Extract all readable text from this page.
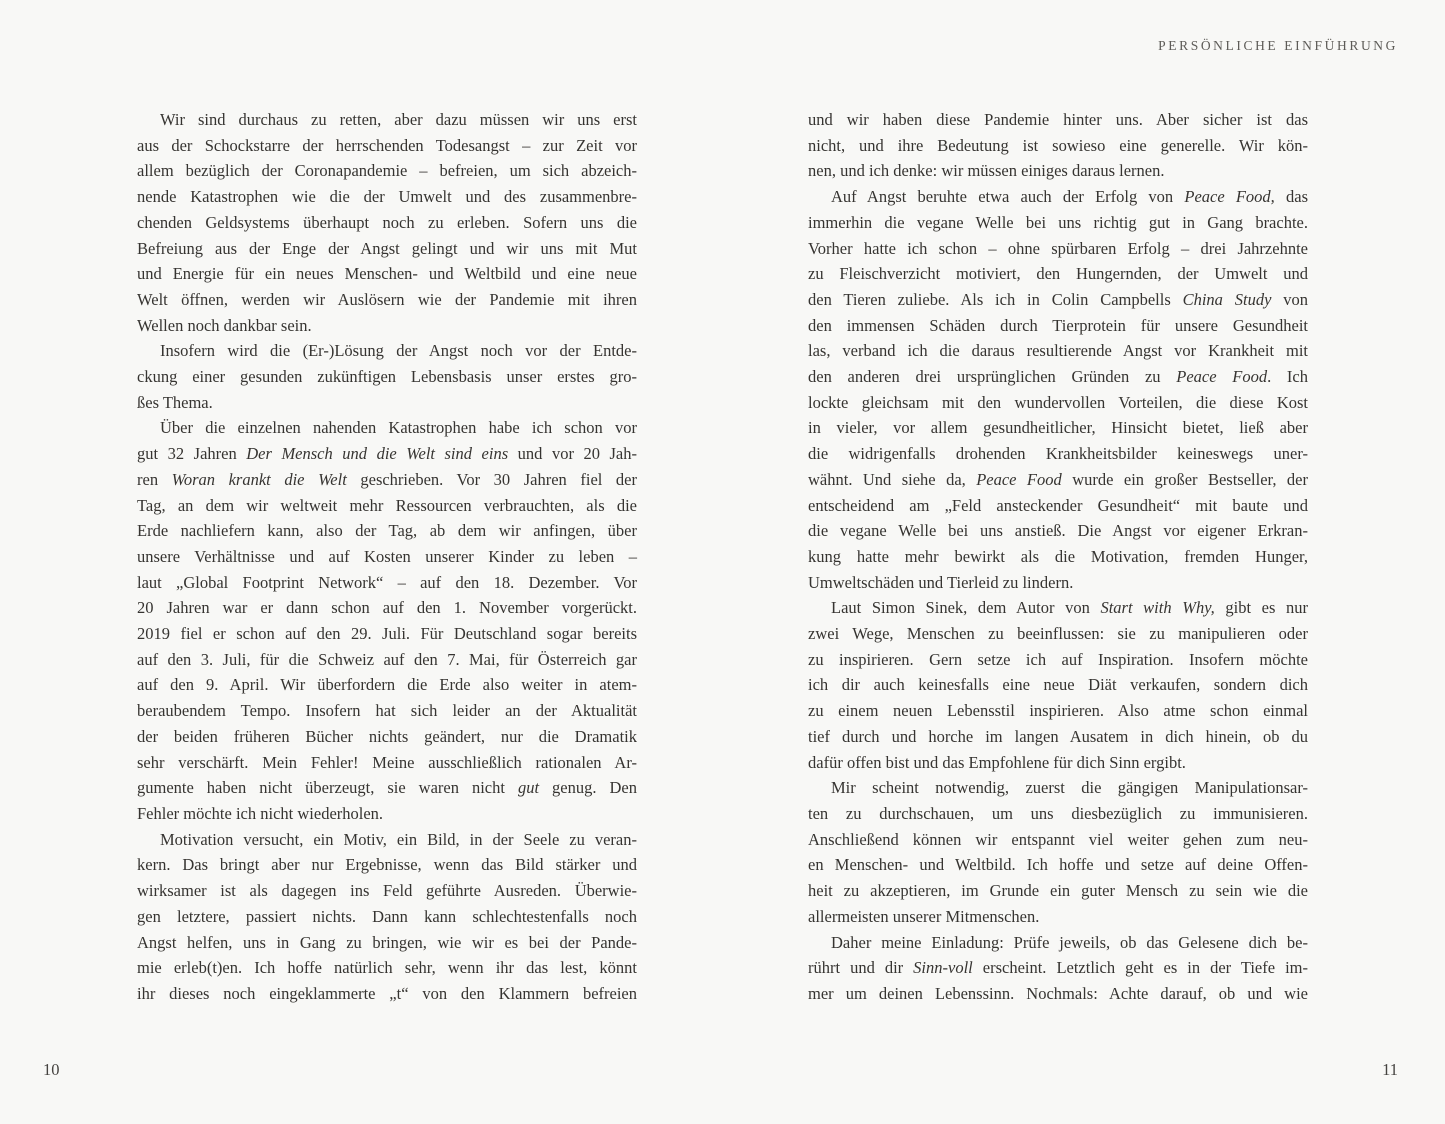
PERSÖNLICHE EINFÜHRUNG
Wir sind durchaus zu retten, aber dazu müssen wir uns erst
aus der Schockstarre der herrschenden Todesangst – zur Zeit vor
allem bezüglich der Coronapandemie – befreien, um sich abzeich-
nende Katastrophen wie die der Umwelt und des zusammenbre-
chenden Geldsystems überhaupt noch zu erleben. Sofern uns die
Befreiung aus der Enge der Angst gelingt und wir uns mit Mut
und Energie für ein neues Menschen- und Weltbild und eine neue
Welt öffnen, werden wir Auslösern wie der Pandemie mit ihren
Wellen noch dankbar sein.
Insofern wird die (Er-)Lösung der Angst noch vor der Entde-
ckung einer gesunden zukünftigen Lebensbasis unser erstes gro-
ßes Thema.
Über die einzelnen nahenden Katastrophen habe ich schon vor
gut 32 Jahren Der Mensch und die Welt sind eins und vor 20 Jah-
ren Woran krankt die Welt geschrieben. Vor 30 Jahren fiel der
Tag, an dem wir weltweit mehr Ressourcen verbrauchten, als die
Erde nachliefern kann, also der Tag, ab dem wir anfingen, über
unsere Verhältnisse und auf Kosten unserer Kinder zu leben –
laut „Global Footprint Network“ – auf den 18. Dezember. Vor
20 Jahren war er dann schon auf den 1. November vorgerückt.
2019 fiel er schon auf den 29. Juli. Für Deutschland sogar bereits
auf den 3. Juli, für die Schweiz auf den 7. Mai, für Österreich gar
auf den 9. April. Wir überfordern die Erde also weiter in atem-
beraubendem Tempo. Insofern hat sich leider an der Aktualität
der beiden früheren Bücher nichts geändert, nur die Dramatik
sehr verschärft. Mein Fehler! Meine ausschließlich rationalen Ar-
gumente haben nicht überzeugt, sie waren nicht gut genug. Den
Fehler möchte ich nicht wiederholen.
Motivation versucht, ein Motiv, ein Bild, in der Seele zu veran-
kern. Das bringt aber nur Ergebnisse, wenn das Bild stärker und
wirksamer ist als dagegen ins Feld geführte Ausreden. Überwie-
gen letztere, passiert nichts. Dann kann schlechtestenfalls noch
Angst helfen, uns in Gang zu bringen, wie wir es bei der Pande-
mie erleb(t)en. Ich hoffe natürlich sehr, wenn ihr das lest, könnt
ihr dieses noch eingeklammerte „t“ von den Klammern befreien
und wir haben diese Pandemie hinter uns. Aber sicher ist das
nicht, und ihre Bedeutung ist sowieso eine generelle. Wir kön-
nen, und ich denke: wir müssen einiges daraus lernen.
Auf Angst beruhte etwa auch der Erfolg von Peace Food, das
immerhin die vegane Welle bei uns richtig gut in Gang brachte.
Vorher hatte ich schon – ohne spürbaren Erfolg – drei Jahrzehnte
zu Fleischverzicht motiviert, den Hungernden, der Umwelt und
den Tieren zuliebe. Als ich in Colin Campbells China Study von
den immensen Schäden durch Tierprotein für unsere Gesundheit
las, verband ich die daraus resultierende Angst vor Krankheit mit
den anderen drei ursprünglichen Gründen zu Peace Food. Ich
lockte gleichsam mit den wundervollen Vorteilen, die diese Kost
in vieler, vor allem gesundheitlicher, Hinsicht bietet, ließ aber
die widrigenfalls drohenden Krankheitsbilder keineswegs uner-
wähnt. Und siehe da, Peace Food wurde ein großer Bestseller, der
entscheidend am „Feld ansteckender Gesundheit“ mit baute und
die vegane Welle bei uns anstieß. Die Angst vor eigener Erkran-
kung hatte mehr bewirkt als die Motivation, fremden Hunger,
Umweltschäden und Tierleid zu lindern.
Laut Simon Sinek, dem Autor von Start with Why, gibt es nur
zwei Wege, Menschen zu beeinflussen: sie zu manipulieren oder
zu inspirieren. Gern setze ich auf Inspiration. Insofern möchte
ich dir auch keinesfalls eine neue Diät verkaufen, sondern dich
zu einem neuen Lebensstil inspirieren. Also atme schon einmal
tief durch und horche im langen Ausatem in dich hinein, ob du
dafür offen bist und das Empfohlene für dich Sinn ergibt.
Mir scheint notwendig, zuerst die gängigen Manipulationsar-
ten zu durchschauen, um uns diesbezüglich zu immunisieren.
Anschließend können wir entspannt viel weiter gehen zum neu-
en Menschen- und Weltbild. Ich hoffe und setze auf deine Offen-
heit zu akzeptieren, im Grunde ein guter Mensch zu sein wie die
allermeisten unserer Mitmenschen.
Daher meine Einladung: Prüfe jeweils, ob das Gelesene dich be-
rührt und dir Sinn-voll erscheint. Letztlich geht es in der Tiefe im-
mer um deinen Lebenssinn. Nochmals: Achte darauf, ob und wie
10	11
